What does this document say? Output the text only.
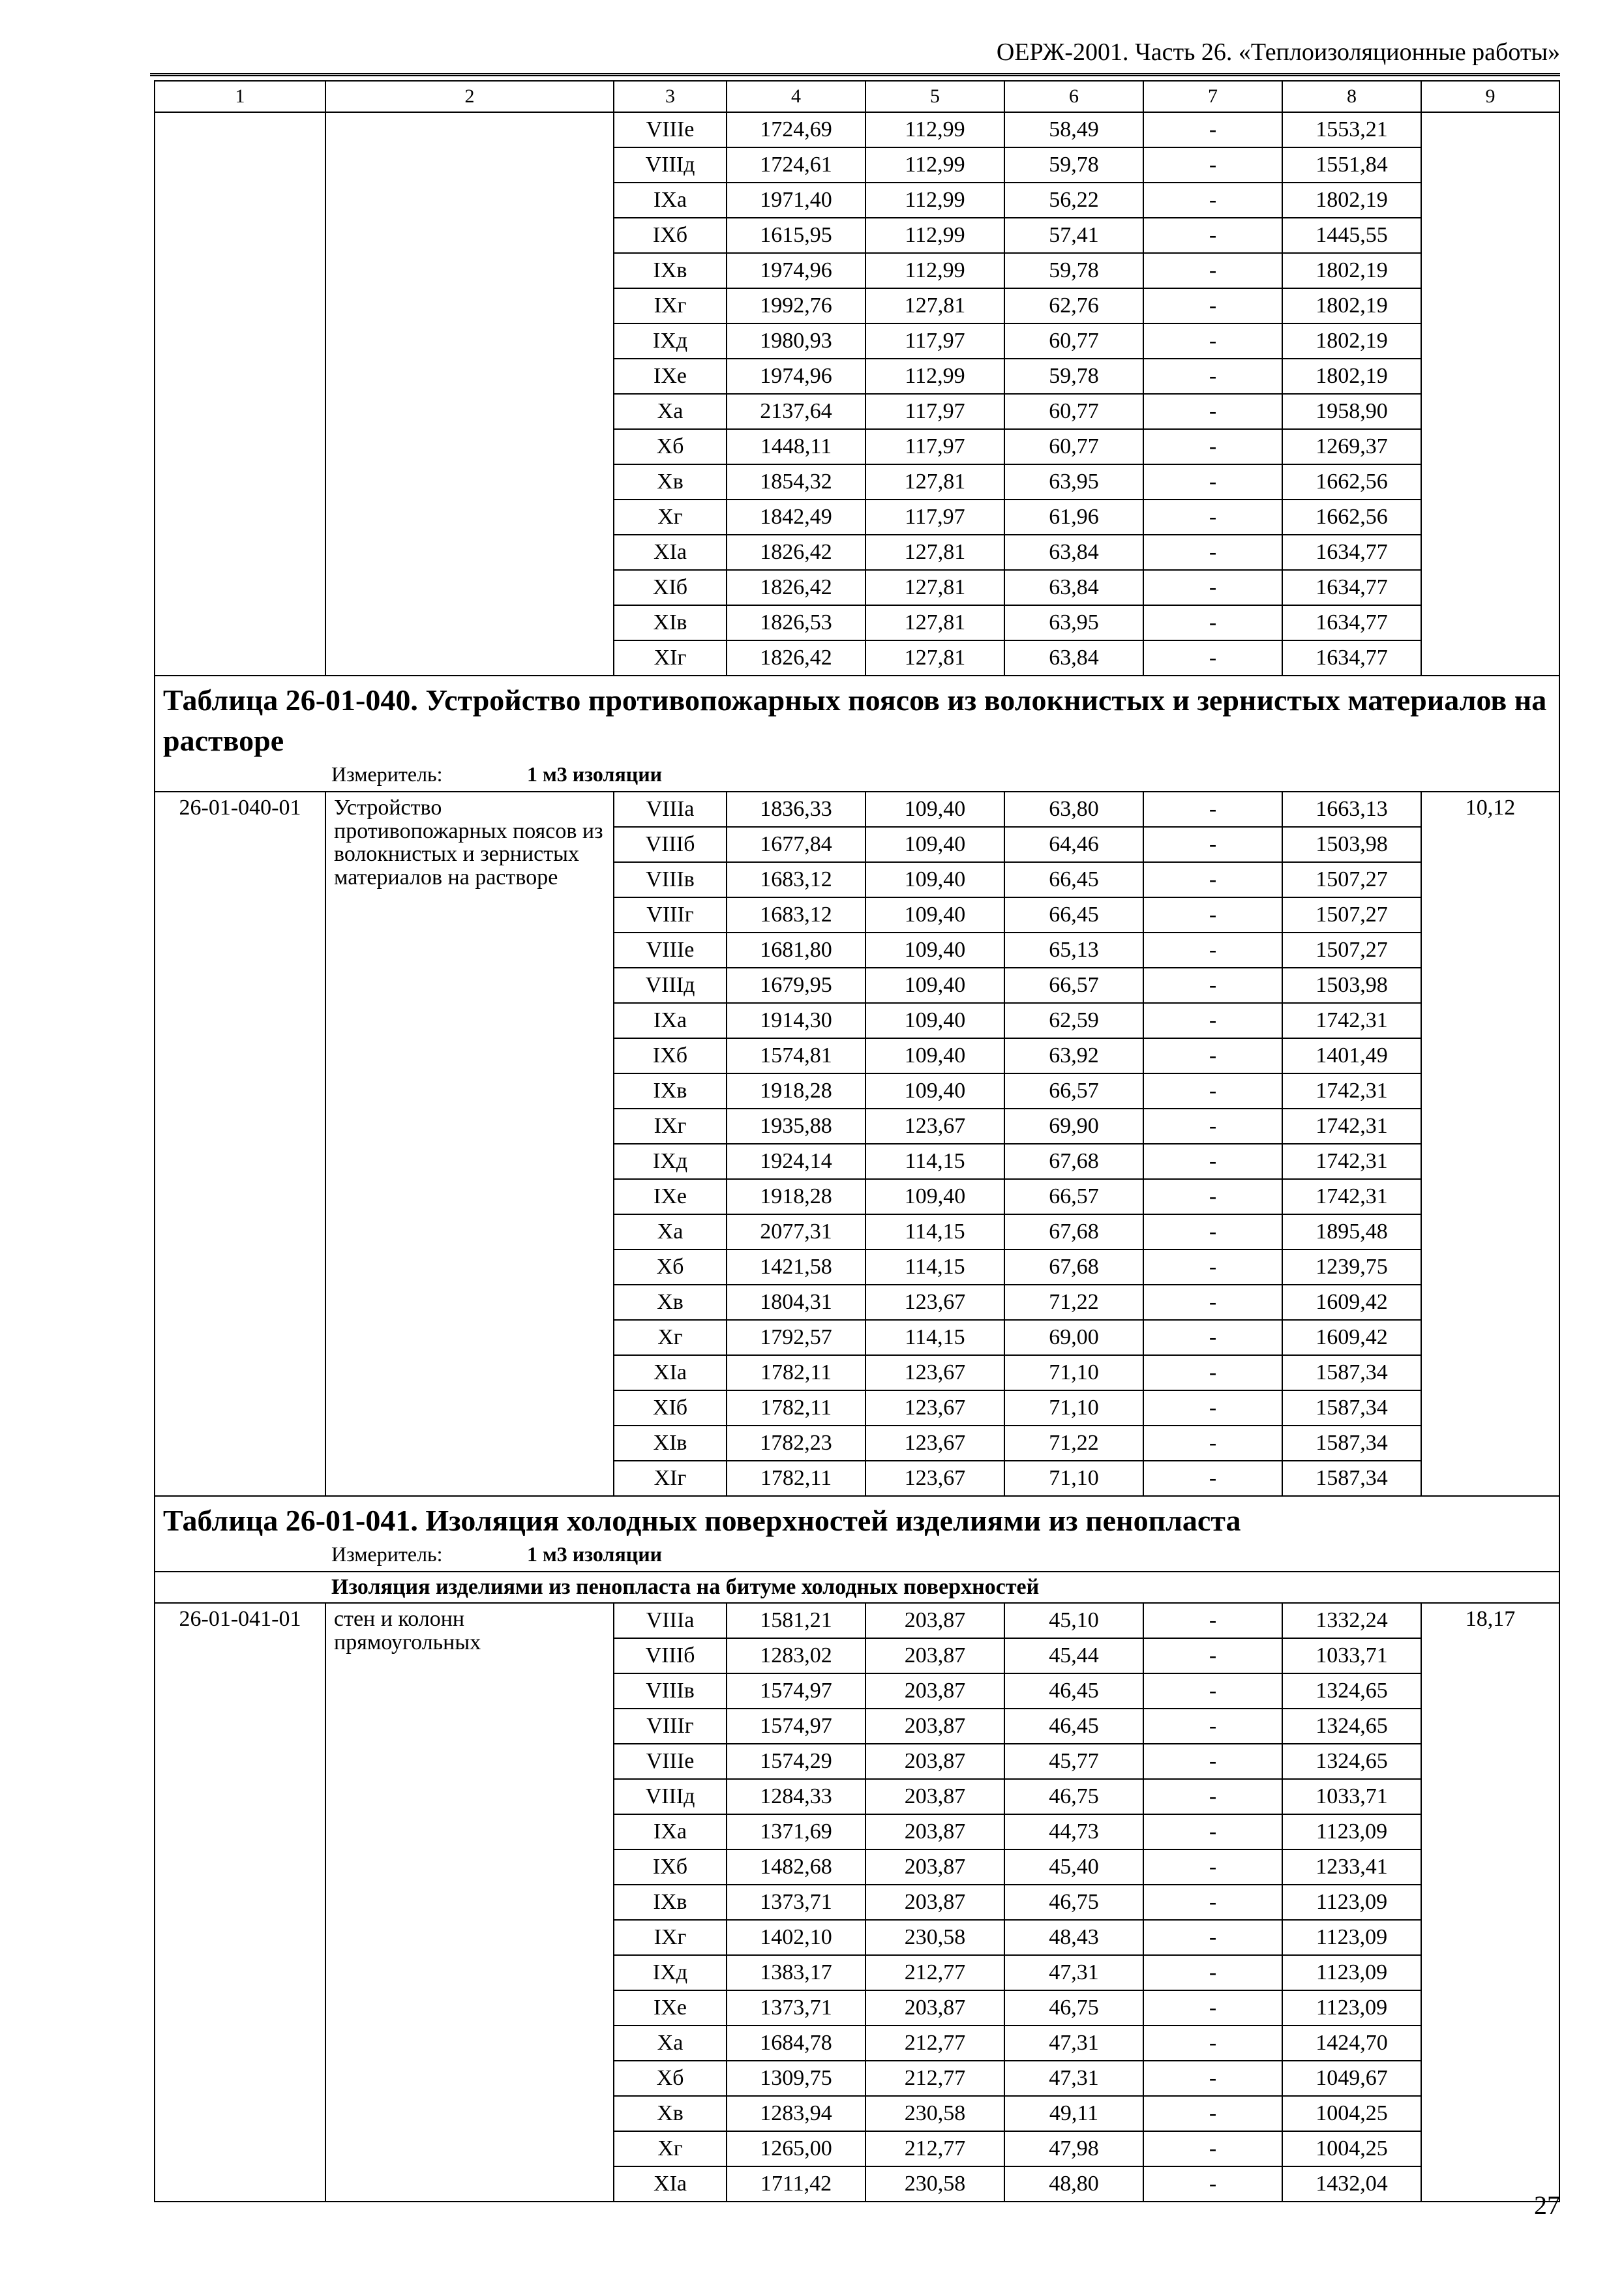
ОЕРЖ-2001. Часть 26. «Теплоизоляционные работы»
1	2	3	4	5	6	7	8	9
		VIIIe	1724,69	112,99	58,49	-	1553,21	
		VIIIд	1724,61	112,99	59,78	-	1551,84	
		IXa	1971,40	112,99	56,22	-	1802,19	
		IXб	1615,95	112,99	57,41	-	1445,55	
		IXв	1974,96	112,99	59,78	-	1802,19	
		IXг	1992,76	127,81	62,76	-	1802,19	
		IXд	1980,93	117,97	60,77	-	1802,19	
		IXe	1974,96	112,99	59,78	-	1802,19	
		Xa	2137,64	117,97	60,77	-	1958,90	
		Xб	1448,11	117,97	60,77	-	1269,37	
		Xв	1854,32	127,81	63,95	-	1662,56	
		Xг	1842,49	117,97	61,96	-	1662,56	
		XIa	1826,42	127,81	63,84	-	1634,77	
		XIб	1826,42	127,81	63,84	-	1634,77	
		XIв	1826,53	127,81	63,95	-	1634,77	
		XIг	1826,42	127,81	63,84	-	1634,77	

Таблица 26-01-040. Устройство противопожарных поясов из волокнистых и зернистых материалов на растворе
Измеритель: 1 м3 изоляции								

26-01-040-01	Устройство противопожарных поясов из волокнистых и зернистых материалов на растворе	VIIIa	1836,33	109,40	63,80	-	1663,13	10,12
		VIIIб	1677,84	109,40	64,46	-	1503,98	
		VIIIв	1683,12	109,40	66,45	-	1507,27	
		VIIIг	1683,12	109,40	66,45	-	1507,27	
		VIIIe	1681,80	109,40	65,13	-	1507,27	
		VIIIд	1679,95	109,40	66,57	-	1503,98	
		IXa	1914,30	109,40	62,59	-	1742,31	
		IXб	1574,81	109,40	63,92	-	1401,49	
		IXв	1918,28	109,40	66,57	-	1742,31	
		IXг	1935,88	123,67	69,90	-	1742,31	
		IXд	1924,14	114,15	67,68	-	1742,31	
		IXe	1918,28	109,40	66,57	-	1742,31	
		Xa	2077,31	114,15	67,68	-	1895,48	
		Xб	1421,58	114,15	67,68	-	1239,75	
		Xв	1804,31	123,67	71,22	-	1609,42	
		Xг	1792,57	114,15	69,00	-	1609,42	
		XIa	1782,11	123,67	71,10	-	1587,34	
		XIб	1782,11	123,67	71,10	-	1587,34	
		XIв	1782,23	123,67	71,22	-	1587,34	
		XIг	1782,11	123,67	71,10	-	1587,34	

Таблица 26-01-041. Изоляция холодных поверхностей изделиями из пенопласта
Измеритель: 1 м3 изоляции								

Изоляция изделиями из пенопласта на битуме холодных поверхностей								
26-01-041-01	стен и колонн прямоугольных	VIIIa	1581,21	203,87	45,10	-	1332,24	18,17
		VIIIб	1283,02	203,87	45,44	-	1033,71	
		VIIIв	1574,97	203,87	46,45	-	1324,65	
		VIIIг	1574,97	203,87	46,45	-	1324,65	
		VIIIe	1574,29	203,87	45,77	-	1324,65	
		VIIIд	1284,33	203,87	46,75	-	1033,71	
		IXa	1371,69	203,87	44,73	-	1123,09	
		IXб	1482,68	203,87	45,40	-	1233,41	
		IXв	1373,71	203,87	46,75	-	1123,09	
		IXг	1402,10	230,58	48,43	-	1123,09	
		IXд	1383,17	212,77	47,31	-	1123,09	
		IXe	1373,71	203,87	46,75	-	1123,09	
		Xa	1684,78	212,77	47,31	-	1424,70	
		Xб	1309,75	212,77	47,31	-	1049,67	
		Xв	1283,94	230,58	49,11	-	1004,25	
		Xг	1265,00	212,77	47,98	-	1004,25	
		XIa	1711,42	230,58	48,80	-	1432,04	
27
